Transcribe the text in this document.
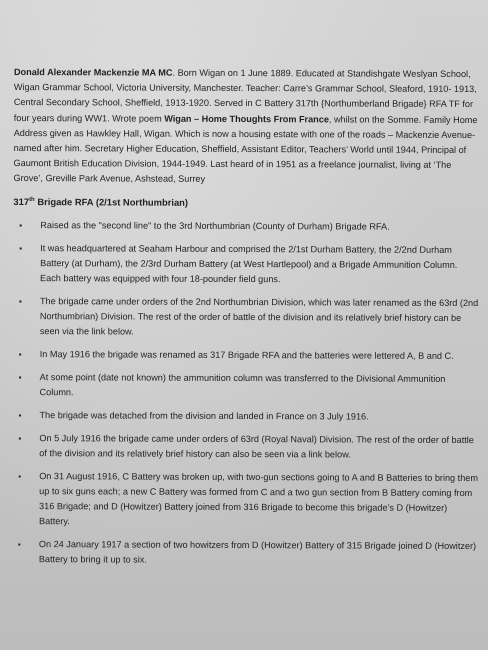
Donald Alexander Mackenzie MA MC. Born Wigan on 1 June 1889. Educated at Standishgate Weslyan School, Wigan Grammar School, Victoria University, Manchester. Teacher: Carre’s Grammar School, Sleaford, 1910- 1913, Central Secondary School, Sheffield, 1913-1920. Served in C Battery 317th {Northumberland Brigade} RFA TF for four years during WW1. Wrote poem Wigan – Home Thoughts From France, whilst on the Somme. Family Home Address given as Hawkley Hall, Wigan. Which is now a housing estate with one of the roads – Mackenzie Avenue- named after him. Secretary Higher Education, Sheffield, Assistant Editor, Teachers’ World until 1944, Principal of Gaumont British Education Division, 1944-1949. Last heard of in 1951 as a freelance journalist, living at ‘The Grove’, Greville Park Avenue, Ashstead, Surrey

317th Brigade RFA (2/1st Northumbrian)
▪ Raised as the "second line" to the 3rd Northumbrian (County of Durham) Brigade RFA.
▪ It was headquartered at Seaham Harbour and comprised the 2/1st Durham Battery, the 2/2nd Durham Battery (at Durham), the 2/3rd Durham Battery (at West Hartlepool) and a Brigade Ammunition Column. Each battery was equipped with four 18-pounder field guns.
▪ The brigade came under orders of the 2nd Northumbrian Division, which was later renamed as the 63rd (2nd Northumbrian) Division. The rest of the order of battle of the division and its relatively brief history can be seen via the link below.
▪ In May 1916 the brigade was renamed as 317 Brigade RFA and the batteries were lettered A, B and C.
▪ At some point (date not known) the ammunition column was transferred to the Divisional Ammunition Column.
▪ The brigade was detached from the division and landed in France on 3 July 1916.
▪ On 5 July 1916 the brigade came under orders of 63rd (Royal Naval) Division. The rest of the order of battle of the division and its relatively brief history can also be seen via a link below.
▪ On 31 August 1916, C Battery was broken up, with two-gun sections going to A and B Batteries to bring them up to six guns each; a new C Battery was formed from C and a two gun section from B Battery coming from 316 Brigade; and D (Howitzer) Battery joined from 316 Brigade to become this brigade’s D (Howitzer) Battery.
▪ On 24 January 1917 a section of two howitzers from D (Howitzer) Battery of 315 Brigade joined D (Howitzer) Battery to bring it up to six.
